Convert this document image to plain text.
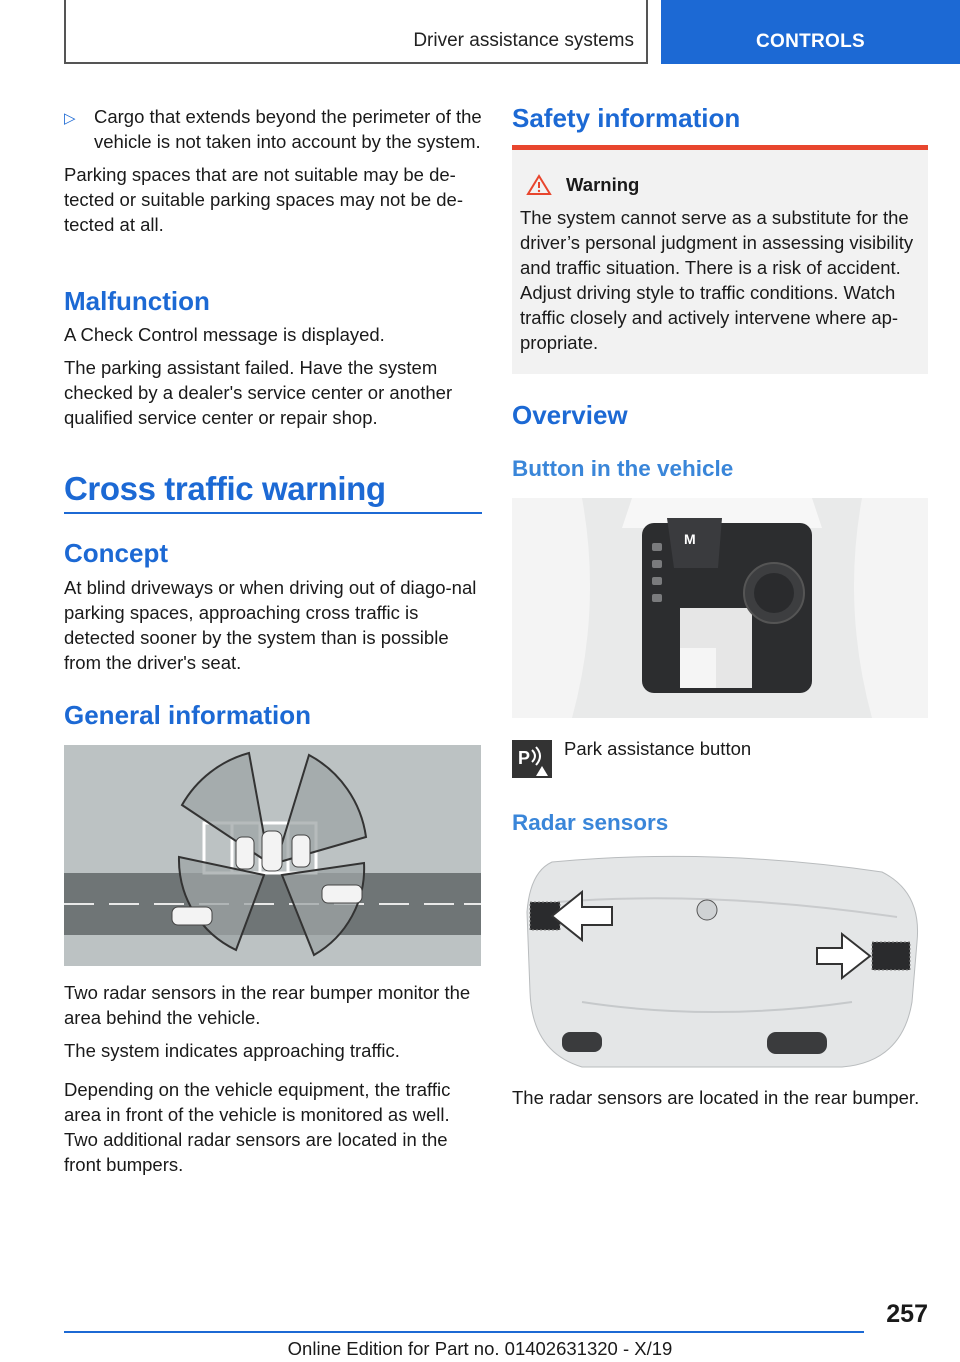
Driver assistance systems	CONTROLS
▷ Cargo that extends beyond the perimeter of the vehicle is not taken into account by the system.

Parking spaces that are not suitable may be de-tected or suitable parking spaces may not be de-tected at all.

Malfunction

A Check Control message is displayed.

The parking assistant failed. Have the system checked by a dealer's service center or another qualified service center or repair shop.

Cross traffic warning
Concept

At blind driveways or when driving out of diago-nal parking spaces, approaching cross traffic is detected sooner by the system than is possible from the driver's seat.

General information

Two radar sensors in the rear bumper monitor the area behind the vehicle.

The system indicates approaching traffic.

Depending on the vehicle equipment, the traffic area in front of the vehicle is monitored as well. Two additional radar sensors are located in the front bumpers.

Safety information
Warning
The system cannot serve as a substitute for the driver’s personal judgment in assessing visibility and traffic situation. There is a risk of accident. Adjust driving style to traffic conditions. Watch traffic closely and actively intervene where ap-propriate.
Overview
Button in the vehicle
M
P Park assistance button
Radar sensors

The radar sensors are located in the rear bumper.

257
Online Edition for Part no. 01402631320 - X/19
